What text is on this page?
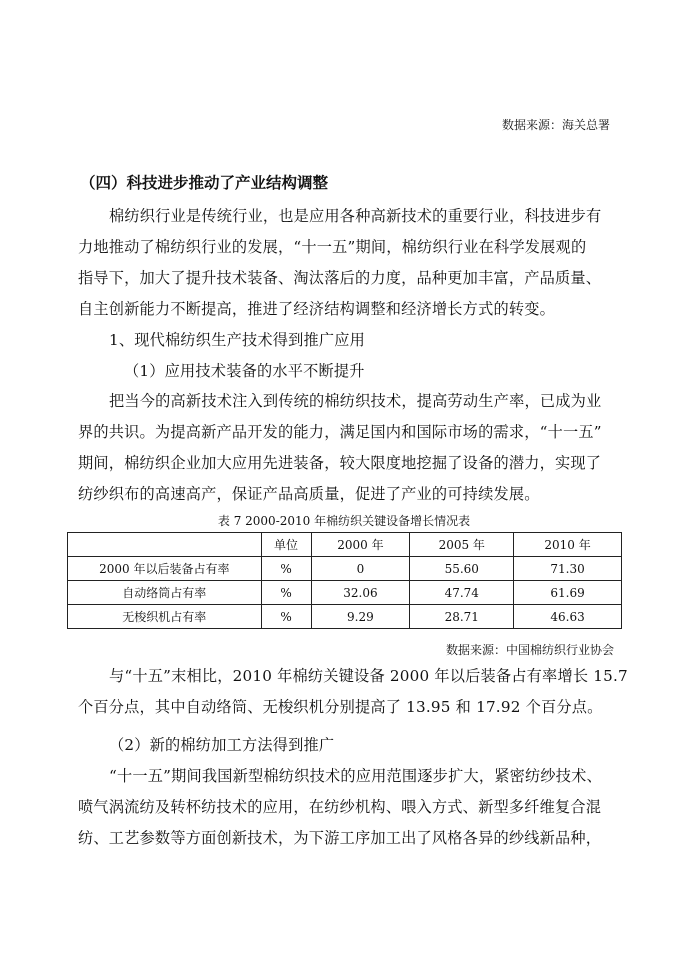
数据来源：海关总署
（四）科技进步推动了产业结构调整
棉纺织行业是传统行业，也是应用各种高新技术的重要行业，科技进步有
力地推动了棉纺织行业的发展，“十一五”期间，棉纺织行业在科学发展观的
指导下，加大了提升技术装备、淘汰落后的力度，品种更加丰富，产品质量、
自主创新能力不断提高，推进了经济结构调整和经济增长方式的转变。
1、现代棉纺织生产技术得到推广应用
（1）应用技术装备的水平不断提升
把当今的高新技术注入到传统的棉纺织技术，提高劳动生产率，已成为业
界的共识。为提高新产品开发的能力，满足国内和国际市场的需求，“十一五”
期间，棉纺织企业加大应用先进装备，较大限度地挖掘了设备的潜力，实现了
纺纱织布的高速高产，保证产品高质量，促进了产业的可持续发展。
表 7 2000-2010 年棉纺织关键设备增长情况表
	单位	2000 年	2005 年	2010 年
2000 年以后装备占有率	%	0	55.60	71.30
自动络筒占有率	%	32.06	47.74	61.69
无梭织机占有率	%	9.29	28.71	46.63
数据来源：中国棉纺织行业协会
与“十五”末相比，2010 年棉纺关键设备 2000 年以后装备占有率增长 15.7
个百分点，其中自动络筒、无梭织机分别提高了 13.95 和 17.92 个百分点。
（2）新的棉纺加工方法得到推广
“十一五”期间我国新型棉纺织技术的应用范围逐步扩大，紧密纺纱技术、
喷气涡流纺及转杯纺技术的应用，在纺纱机构、喂入方式、新型多纤维复合混
纺、工艺参数等方面创新技术，为下游工序加工出了风格各异的纱线新品种，
